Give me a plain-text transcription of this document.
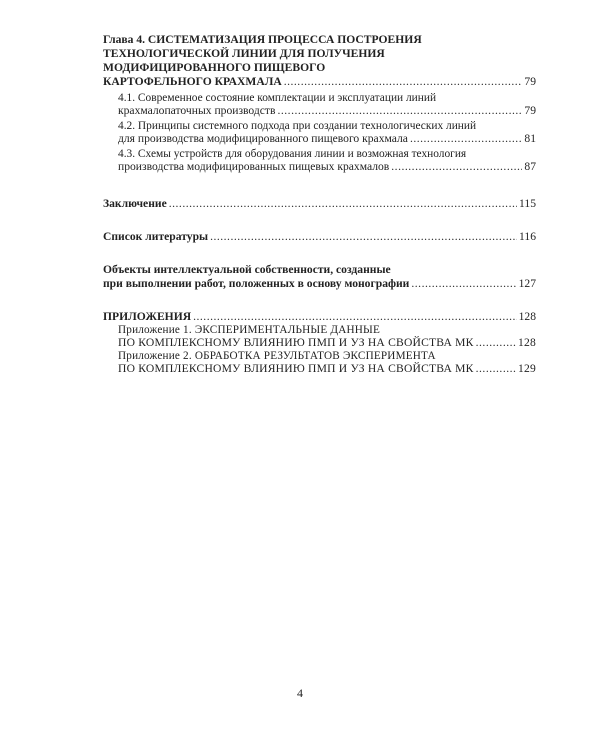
Глава 4. СИСТЕМАТИЗАЦИЯ ПРОЦЕССА ПОСТРОЕНИЯ
ТЕХНОЛОГИЧЕСКОЙ ЛИНИИ ДЛЯ ПОЛУЧЕНИЯ
МОДИФИЦИРОВАННОГО ПИЩЕВОГО
КАРТОФЕЛЬНОГО КРАХМАЛА .....	79
4.1. Современное состояние комплектации и эксплуатации линий
крахмалопаточных производств .....	79
4.2. Принципы системного подхода при создании технологических линий
для производства модифицированного пищевого крахмала .....	81
4.3. Схемы устройств для оборудования линии и возможная технология
производства модифицированных пищевых крахмалов .....	87
Заключение .....	115
Список литературы .....	116
Объекты интеллектуальной собственности, созданные
при выполнении работ, положенных в основу монографии .....	127
ПРИЛОЖЕНИЯ .....	128
Приложение 1. ЭКСПЕРИМЕНТАЛЬНЫЕ ДАННЫЕ
ПО КОМПЛЕКСНОМУ ВЛИЯНИЮ ПМП И УЗ НА СВОЙСТВА МК .....	128
Приложение 2. ОБРАБОТКА РЕЗУЛЬТАТОВ ЭКСПЕРИМЕНТА
ПО КОМПЛЕКСНОМУ ВЛИЯНИЮ ПМП И УЗ НА СВОЙСТВА МК .....	129
4
